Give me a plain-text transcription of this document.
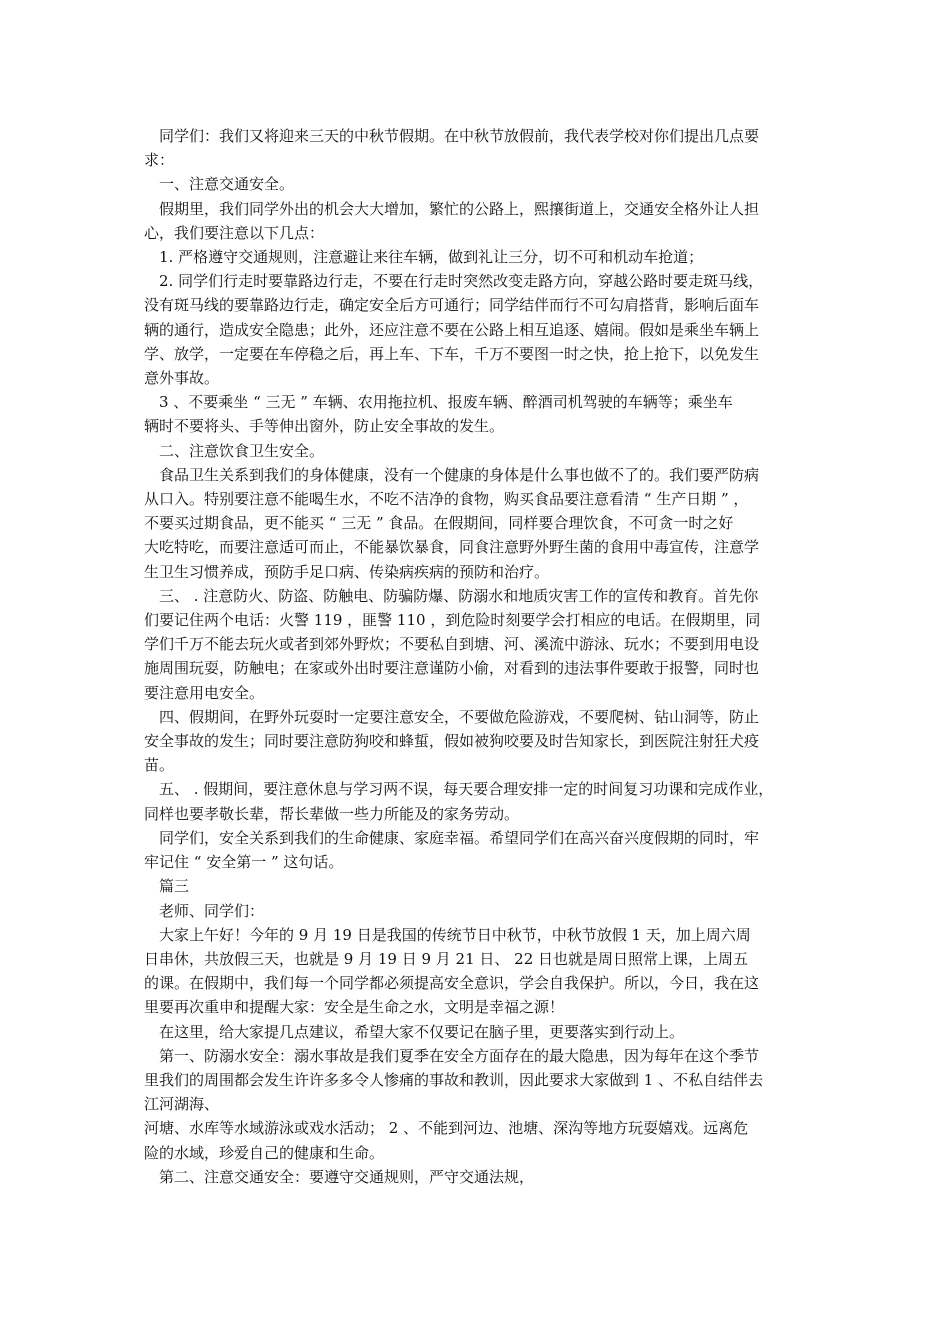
　同学们：我们又将迎来三天的中秋节假期。在中秋节放假前，我代表学校对你们提出几点要
求：
　一、注意交通安全。
　假期里，我们同学外出的机会大大增加，繁忙的公路上，熙攘街道上，交通安全格外让人担
心，我们要注意以下几点：
　1. 严格遵守交通规则，注意避让来往车辆，做到礼让三分，切不可和机动车抢道；
　2. 同学们行走时要靠路边行走，不要在行走时突然改变走路方向，穿越公路时要走斑马线，
没有斑马线的要靠路边行走，确定安全后方可通行；同学结伴而行不可勾肩搭背，影响后面车
辆的通行，造成安全隐患；此外，还应注意不要在公路上相互追逐、嬉闹。假如是乘坐车辆上
学、放学，一定要在车停稳之后，再上车、下车，千万不要图一时之快，抢上抢下，以免发生
意外事故。
　3 、不要乘坐 “ 三无 ” 车辆、农用拖拉机、报废车辆、醉酒司机驾驶的车辆等；乘坐车
辆时不要将头、手等伸出窗外，防止安全事故的发生。
　二、注意饮食卫生安全。
　食品卫生关系到我们的身体健康，没有一个健康的身体是什么事也做不了的。我们要严防病
从口入。特别要注意不能喝生水，不吃不洁净的食物，购买食品要注意看清 “ 生产日期 ” ，
不要买过期食品，更不能买 “ 三无 ” 食品。在假期间，同样要合理饮食，不可贪一时之好
大吃特吃，而要注意适可而止，不能暴饮暴食，同食注意野外野生菌的食用中毒宣传，注意学
生卫生习惯养成，预防手足口病、传染病疾病的预防和治疗。
　三、 . 注意防火、防盗、防触电、防骗防爆、防溺水和地质灾害工作的宣传和教育。首先你
们要记住两个电话：火警 119 ，匪警 110 ，到危险时刻要学会打相应的电话。在假期里，同
学们千万不能去玩火或者到郊外野炊；不要私自到塘、河、溪流中游泳、玩水；不要到用电设
施周围玩耍，防触电；在家或外出时要注意谨防小偷，对看到的违法事件要敢于报警，同时也
要注意用电安全。
　四、假期间，在野外玩耍时一定要注意安全，不要做危险游戏，不要爬树、钻山洞等，防止
安全事故的发生；同时要注意防狗咬和蜂蜇，假如被狗咬要及时告知家长，到医院注射狂犬疫
苗。
　五、 . 假期间，要注意休息与学习两不误，每天要合理安排一定的时间复习功课和完成作业，
同样也要孝敬长辈，帮长辈做一些力所能及的家务劳动。
　同学们，安全关系到我们的生命健康、家庭幸福。希望同学们在高兴奋兴度假期的同时，牢
牢记住 “ 安全第一 ” 这句话。
　篇三
　老师、同学们：
　大家上午好！今年的 9 月 19 日是我国的传统节日中秋节，中秋节放假 1 天，加上周六周
日串休，共放假三天，也就是 9 月 19 日 9 月 21 日、 22 日也就是周日照常上课，上周五
的课。在假期中，我们每一个同学都必须提高安全意识，学会自我保护。所以，今日，我在这
里要再次重申和提醒大家：安全是生命之水，文明是幸福之源！
　在这里，给大家提几点建议，希望大家不仅要记在脑子里，更要落实到行动上。
　第一、防溺水安全：溺水事故是我们夏季在安全方面存在的最大隐患，因为每年在这个季节
里我们的周围都会发生许许多多令人惨痛的事故和教训，因此要求大家做到 1 、不私自结伴去
江河湖海、
河塘、水库等水域游泳或戏水活动； 2 、不能到河边、池塘、深沟等地方玩耍嬉戏。远离危
险的水域，珍爱自己的健康和生命。
　第二、注意交通安全：要遵守交通规则，严守交通法规，
